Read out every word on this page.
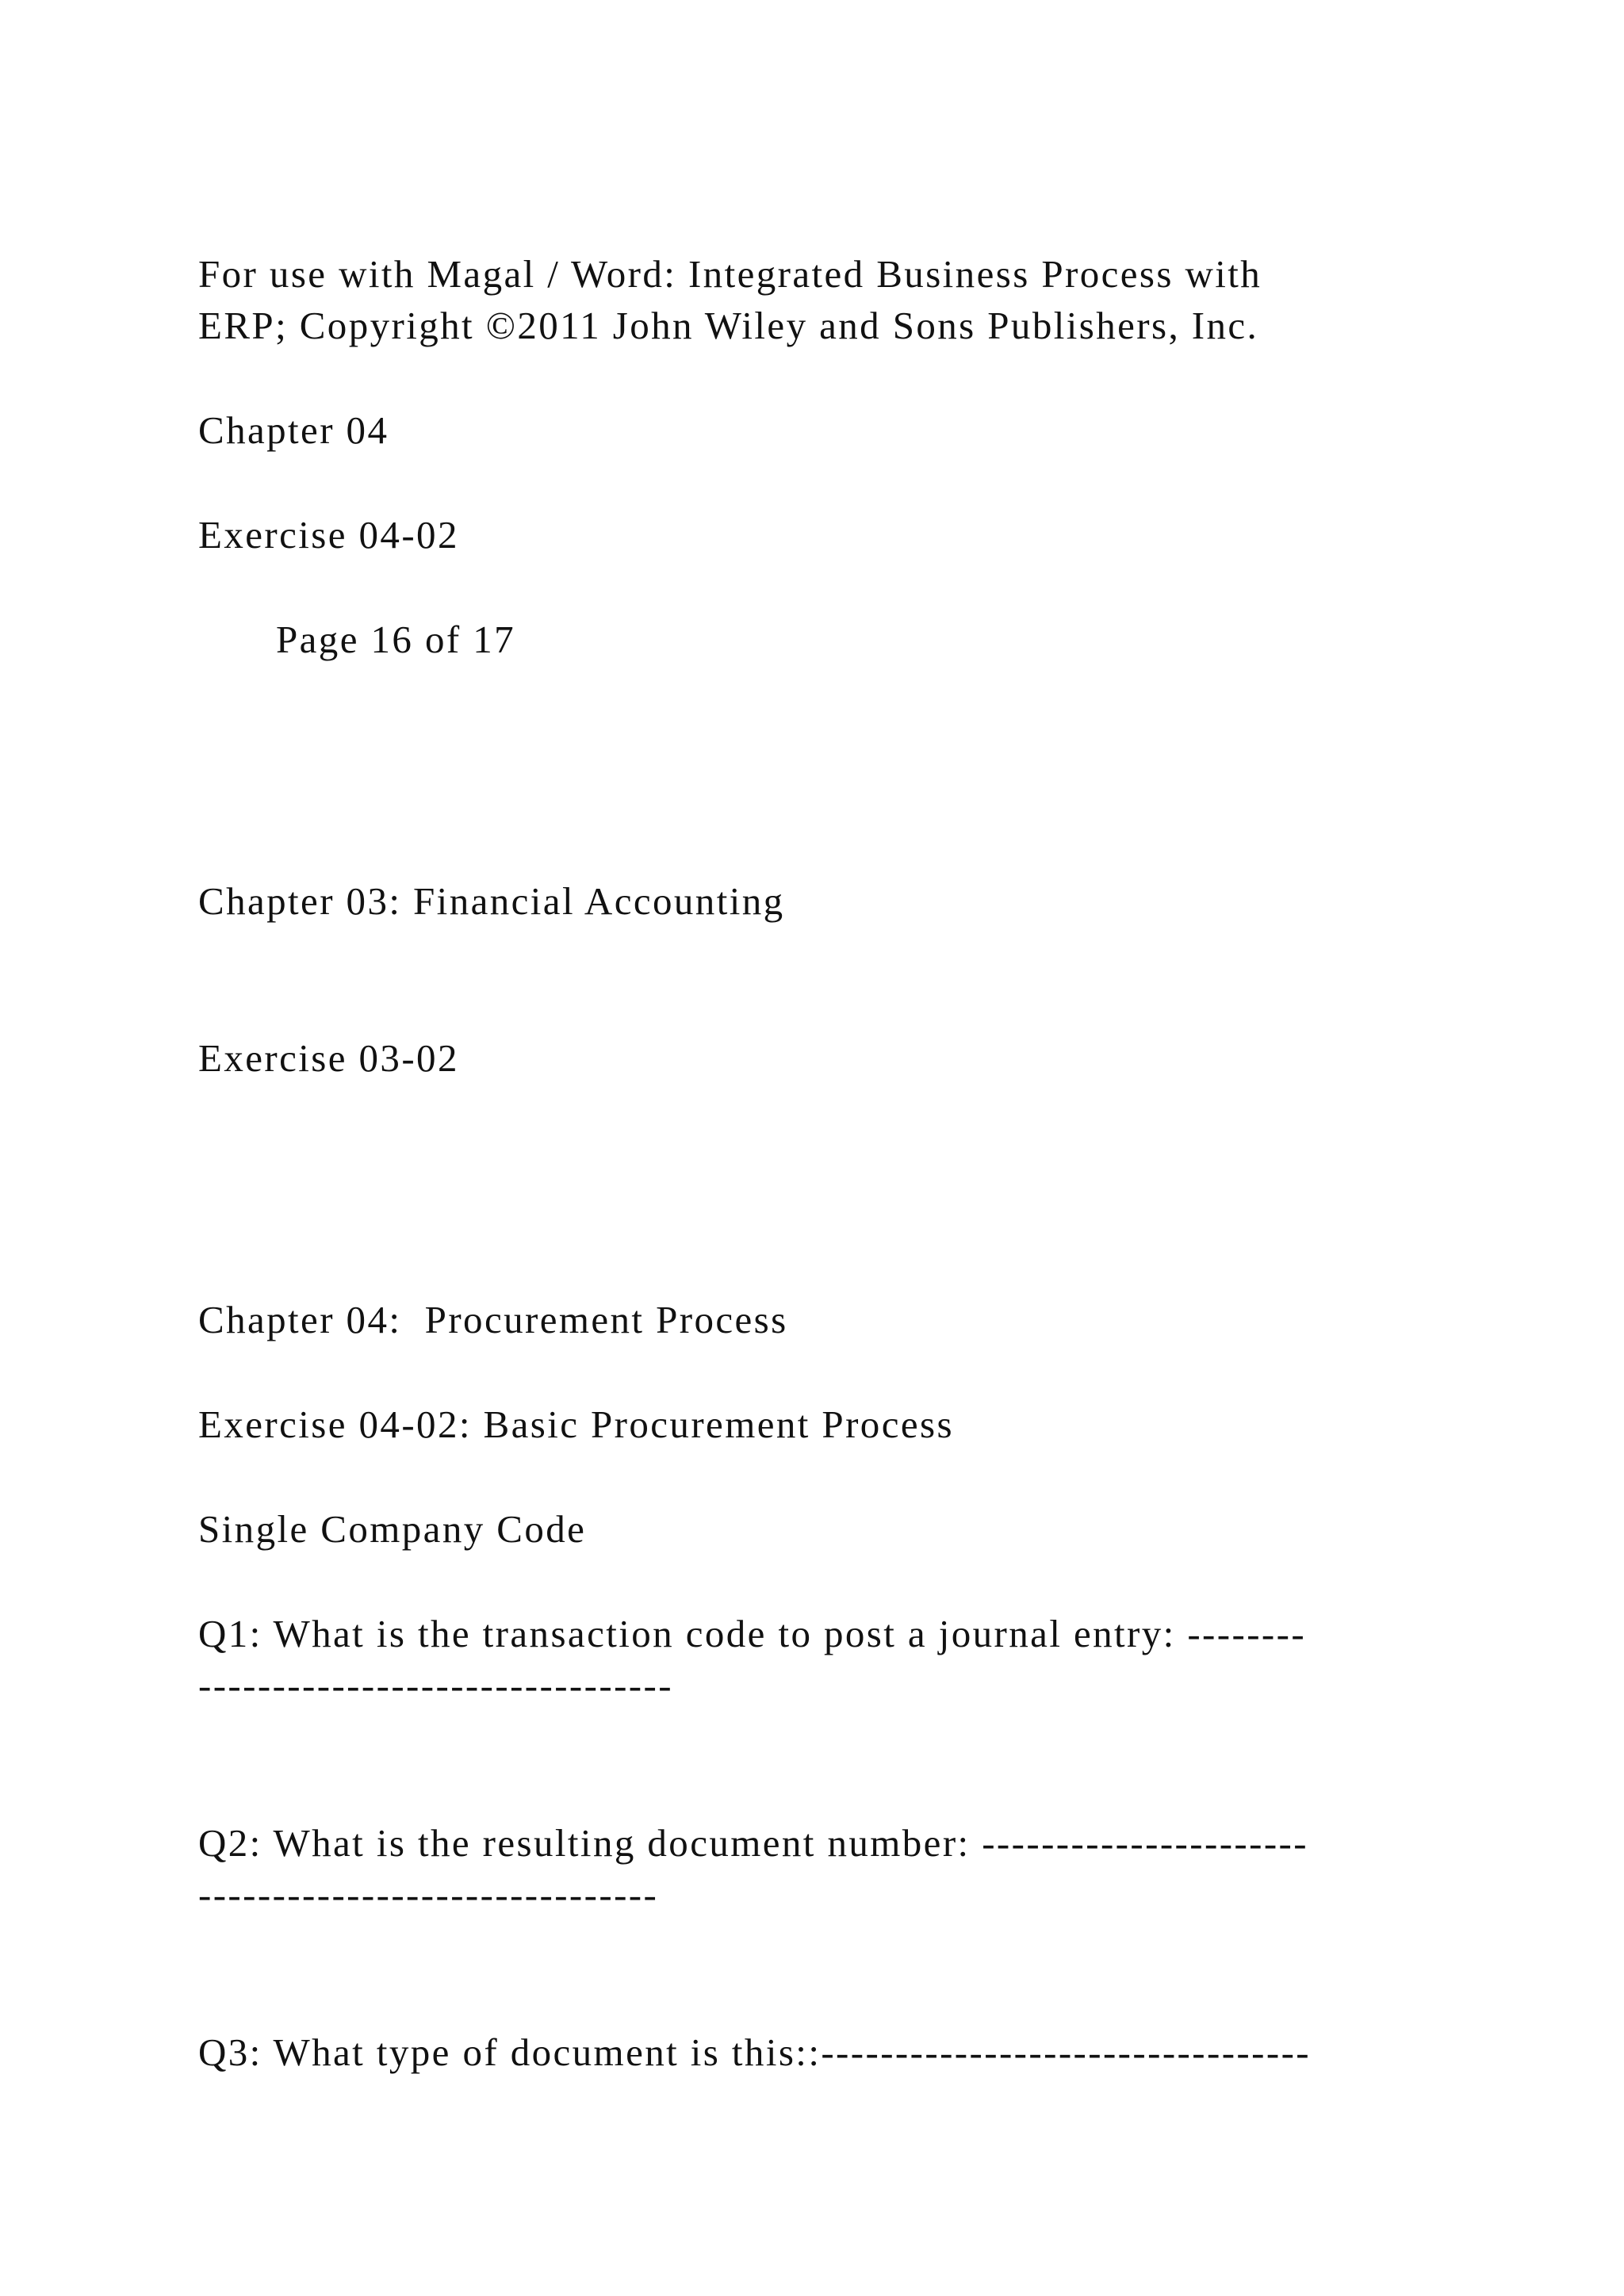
For use with Magal / Word: Integrated Business Process with

ERP; Copyright ©2011 John Wiley and Sons Publishers, Inc.

Chapter 04

Exercise 04-02

Page 16 of 17

Chapter 03: Financial Accounting

Exercise 03-02

Chapter 04:  Procurement Process

Exercise 04-02: Basic Procurement Process

Single Company Code

Q1: What is the transaction code to post a journal entry: --------

--------------------------------

Q2: What is the resulting document number: ----------------------

-------------------------------

Q3: What type of document is this::---------------------------------
